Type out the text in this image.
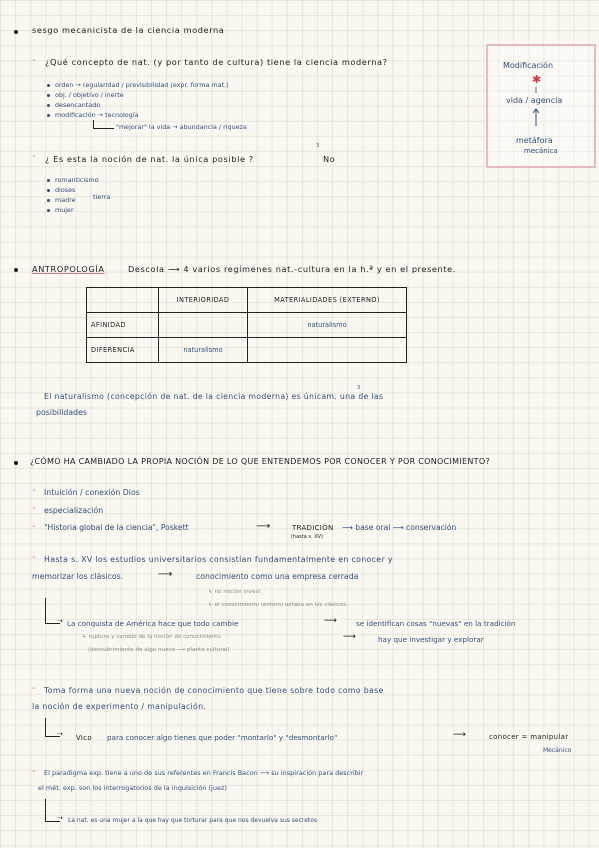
sesgo mecanicista de la ciencia moderna
- ¿Qué concepto de nat. (y por tanto de cultura) tiene la ciencia moderna?
orden → regularidad / previsibilidad (expr. forma mat.)
obj. / objetivo / inerte
desencantado
modificación → tecnología
"mejorar" la vida → abundancia / riqueza
- ¿ Es esta la noción de nat. la única posible ?
3
No
romanticismo
dioses
madre	tierra
mujer
Modificación
✱
vida / agencia
metáfora
mecánica
ANTROPOLOGÍA	Descola ⟶ 4 varios regímenes nat.-cultura en la h.ª y en el presente.
	INTERIORIDAD	MATERIALIDADES (EXTERNO)
AFINIDAD		naturalismo
DIFERENCIA	naturalismo	
El naturalismo (concepción de nat. de la ciencia moderna) es únicam. una de las
3
posibilidades
¿CÓMO HA CAMBIADO LA PROPIA NOCIÓN DE LO QUE ENTENDEMOS POR CONOCER Y POR CONOCIMIENTO?
- Intuición / conexión Dios
- especialización
- "Historia global de la ciencia", Poskett	⟶	TRADICIÓN ⟶ base oral ⟶ conservación
(hasta s. XV)
- Hasta s. XV los estudios universitarios consistían fundamentalmente en conocer y
memorizar los clásicos.	⟶	conocimiento como una empresa cerrada
↳ no noción invest.
↳ el conocimiento (entero) estaba en los clásicos.
➝ La conquista de América hace que todo cambie	⟶	se identifican cosas "nuevas" en la tradición
↳ ruptura y cambio de la noción de conocimiento	⟶	hay que investigar y explorar
(descubrimiento de algo nuevo ⟶ planta cultural)
- Toma forma una nueva noción de conocimiento que tiene sobre todo como base
la noción de experimento / manipulación.
➝ Vico para conocer algo tienes que poder "montarlo" y "desmontarlo"	⟶	conocer = manipular
Mecánico
- El paradigma exp. tiene a uno de sus referentes en Francis Bacon ⟶ su inspiración para describir
el mét. exp. son los interrogatorios de la inquisición (juez)
➝ La nat. es una mujer a la que hay que torturar para que nos devuelva sus secretos
